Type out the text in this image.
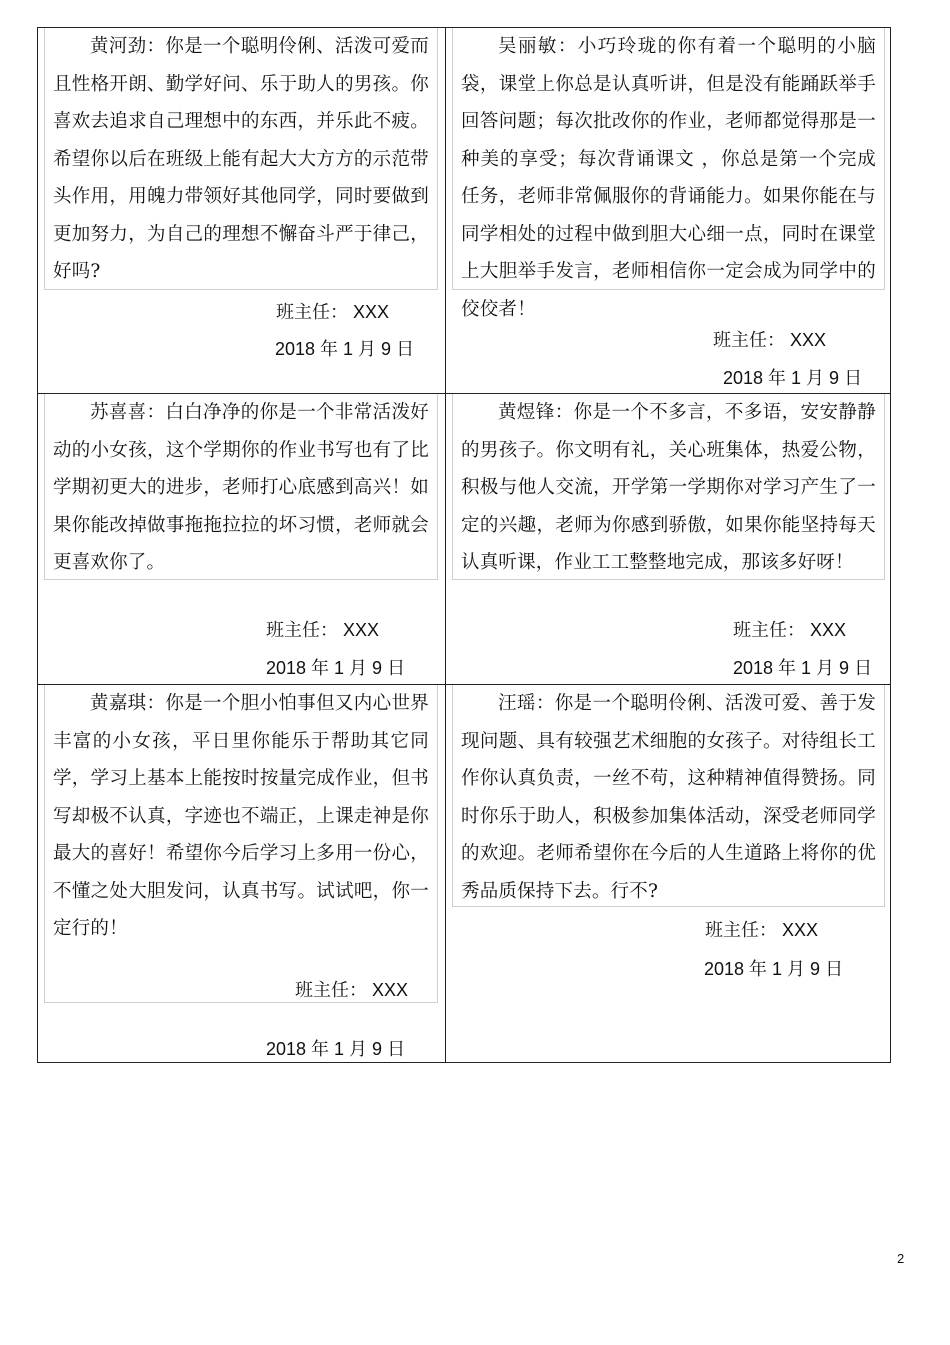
黄河劲：你是一个聪明伶俐、活泼可爱而且性格开朗、勤学好问、乐于助人的男孩。你喜欢去追求自己理想中的东西，并乐此不疲。希望你以后在班级上能有起大大方方的示范带头作用，用魄力带领好其他同学，同时要做到更加努力，为自己的理想不懈奋斗严于律己，好吗?

班主任： XXX
2018 年 1 月 9 日

吴丽敏：小巧玲珑的你有着一个聪明的小脑袋，课堂上你总是认真听讲，但是没有能踊跃举手回答问题；每次批改你的作业，老师都觉得那是一种美的享受；每次背诵课文 ，你总是第一个完成任务，老师非常佩服你的背诵能力。如果你能在与同学相处的过程中做到胆大心细一点，同时在课堂上大胆举手发言，老师相信你一定会成为同学中的佼佼者！

班主任： XXX
2018 年 1 月 9 日

苏喜喜：白白净净的你是一个非常活泼好动的小女孩，这个学期你的作业书写也有了比学期初更大的进步，老师打心底感到高兴！如果你能改掉做事拖拖拉拉的坏习惯，老师就会更喜欢你了。

班主任： XXX
2018 年 1 月 9 日

黄煜锋：你是一个不多言，不多语，安安静静的男孩子。你文明有礼，关心班集体，热爱公物，积极与他人交流，开学第一学期你对学习产生了一定的兴趣，老师为你感到骄傲，如果你能坚持每天认真听课，作业工工整整地完成，那该多好呀！

班主任： XXX
2018 年 1 月 9 日

黄嘉琪：你是一个胆小怕事但又内心世界丰富的小女孩，平日里你能乐于帮助其它同学，学习上基本上能按时按量完成作业，但书写却极不认真，字迹也不端正，上课走神是你最大的喜好！希望你今后学习上多用一份心，不懂之处大胆发问，认真书写。试试吧，你一定行的！

班主任： XXX
2018 年 1 月 9 日

汪瑶：你是一个聪明伶俐、活泼可爱、善于发现问题、具有较强艺术细胞的女孩子。对待组长工作你认真负责，一丝不苟，这种精神值得赞扬。同时你乐于助人，积极参加集体活动，深受老师同学的欢迎。老师希望你在今后的人生道路上将你的优秀品质保持下去。行不?

班主任： XXX
2018 年 1 月 9 日
2
